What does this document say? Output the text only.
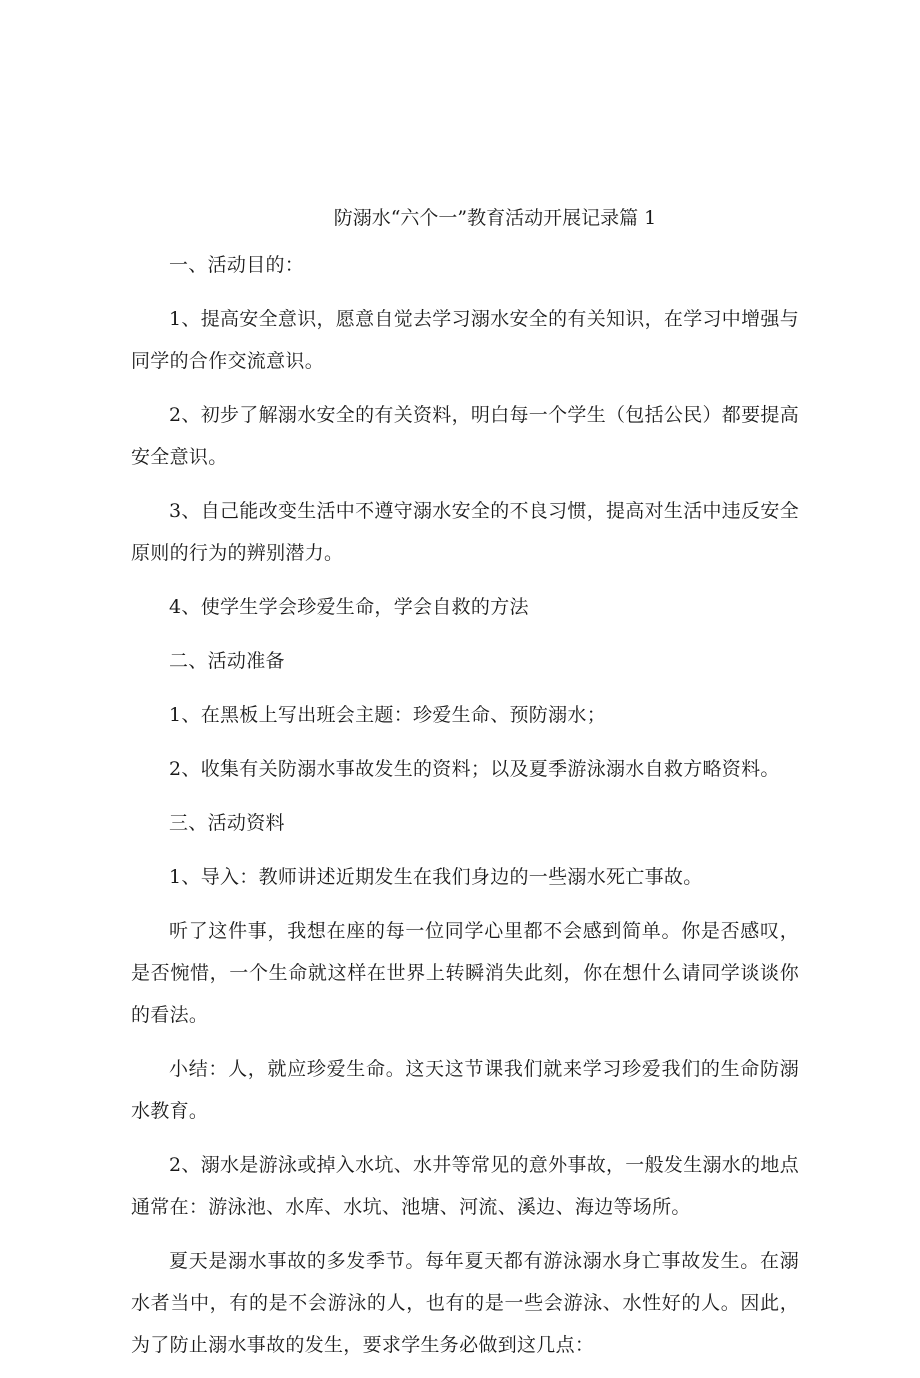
防溺水“六个一”教育活动开展记录篇 1

一、活动目的：

1、提高安全意识，愿意自觉去学习溺水安全的有关知识，在学习中增强与同学的合作交流意识。

2、初步了解溺水安全的有关资料，明白每一个学生（包括公民）都要提高安全意识。

3、自己能改变生活中不遵守溺水安全的不良习惯，提高对生活中违反安全原则的行为的辨别潜力。

4、使学生学会珍爱生命，学会自救的方法

二、活动准备

1、在黑板上写出班会主题：珍爱生命、预防溺水；

2、收集有关防溺水事故发生的资料；以及夏季游泳溺水自救方略资料。

三、活动资料

1、导入：教师讲述近期发生在我们身边的一些溺水死亡事故。

听了这件事，我想在座的每一位同学心里都不会感到简单。你是否感叹，是否惋惜，一个生命就这样在世界上转瞬消失此刻，你在想什么请同学谈谈你的看法。

小结：人，就应珍爱生命。这天这节课我们就来学习珍爱我们的生命防溺水教育。

2、溺水是游泳或掉入水坑、水井等常见的意外事故，一般发生溺水的地点通常在：游泳池、水库、水坑、池塘、河流、溪边、海边等场所。

夏天是溺水事故的多发季节。每年夏天都有游泳溺水身亡事故发生。在溺水者当中，有的是不会游泳的人，也有的是一些会游泳、水性好的人。因此，为了防止溺水事故的发生，要求学生务必做到这几点：
